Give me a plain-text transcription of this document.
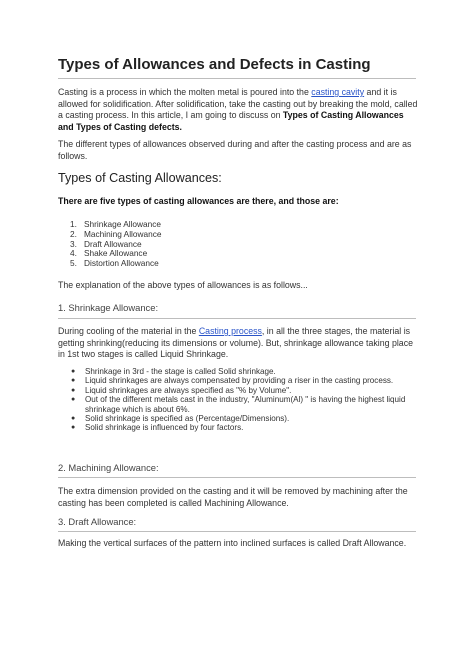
Types of Allowances and Defects in Casting

Casting is a process in which the molten metal is poured into the casting cavity and it is allowed for solidification. After solidification, take the casting out by breaking the mold, called a casting process. In this article, I am going to discuss on Types of Casting Allowances and Types of Casting defects.

The different types of allowances observed during and after the casting process and are as follows.

Types of Casting Allowances:

There are five types of casting allowances are there, and those are:

1. Shrinkage Allowance
2. Machining Allowance
3. Draft Allowance
4. Shake Allowance
5. Distortion Allowance

The explanation of the above types of allowances is as follows...

1. Shrinkage Allowance:

During cooling of the material in the Casting process, in all the three stages, the material is getting shrinking(reducing its dimensions or volume). But, shrinkage allowance taking place in 1st two stages is called Liquid Shrinkage.

●	Shrinkage in 3rd - the stage is called Solid shrinkage.
●	Liquid shrinkages are always compensated by providing a riser in the casting process.
●	Liquid shrinkages are always specified as "% by Volume".
●	Out of the different metals cast in the industry, "Aluminum(Al) " is having the highest liquid shrinkage which is about 6%.
●	Solid shrinkage is specified as (Percentage/Dimensions).
●	Solid shrinkage is influenced by four factors.

2. Machining Allowance:

The extra dimension provided on the casting and it will be removed by machining after the casting has been completed is called Machining Allowance.

3. Draft Allowance:

Making the vertical surfaces of the pattern into inclined surfaces is called Draft Allowance.
